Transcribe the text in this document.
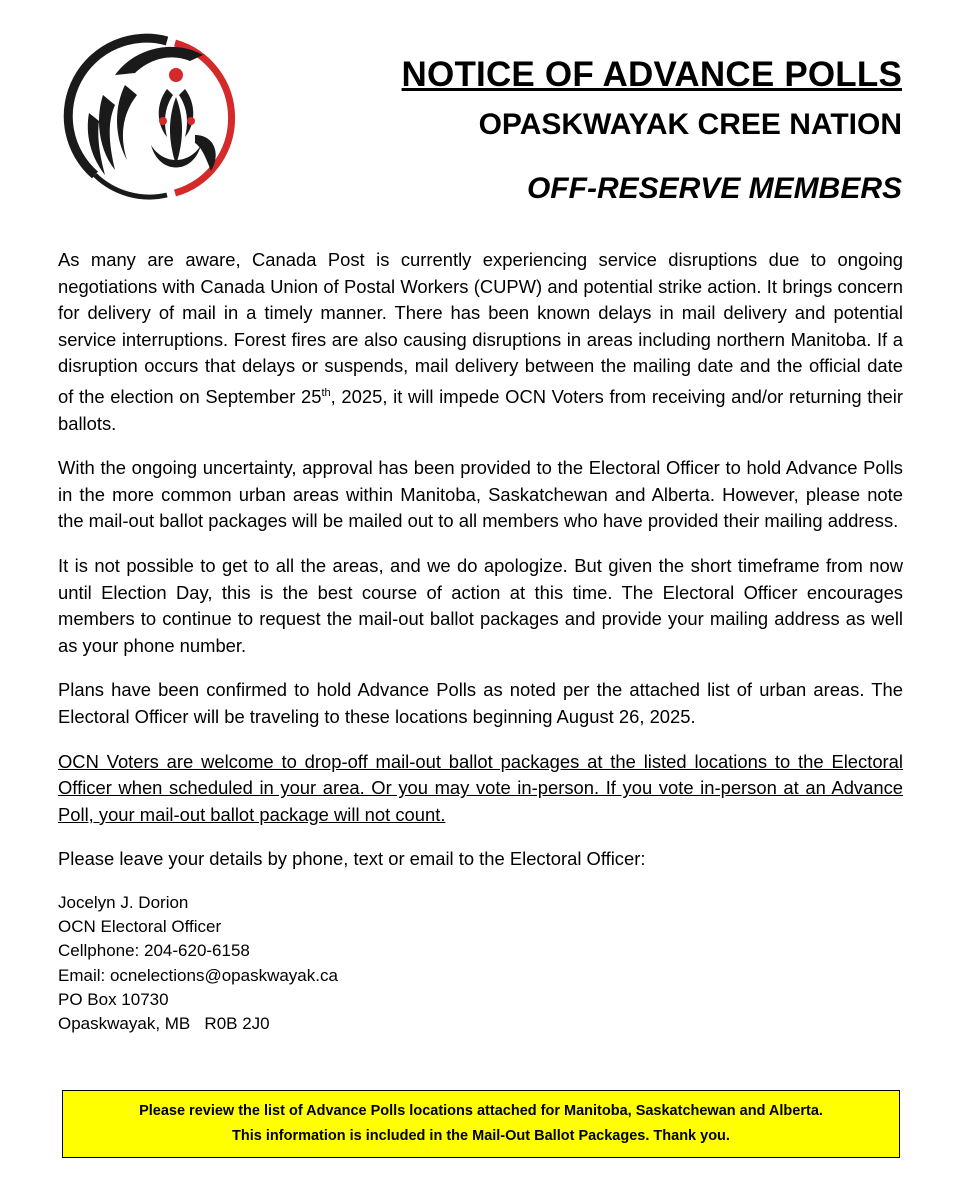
NOTICE OF ADVANCE POLLS
OPASKWAYAK CREE NATION
OFF-RESERVE MEMBERS

As many are aware, Canada Post is currently experiencing service disruptions due to ongoing negotiations with Canada Union of Postal Workers (CUPW) and potential strike action. It brings concern for delivery of mail in a timely manner. There has been known delays in mail delivery and potential service interruptions. Forest fires are also causing disruptions in areas including northern Manitoba. If a disruption occurs that delays or suspends, mail delivery between the mailing date and the official date of the election on September 25th, 2025, it will impede OCN Voters from receiving and/or returning their ballots.

With the ongoing uncertainty, approval has been provided to the Electoral Officer to hold Advance Polls in the more common urban areas within Manitoba, Saskatchewan and Alberta. However, please note the mail-out ballot packages will be mailed out to all members who have provided their mailing address.

It is not possible to get to all the areas, and we do apologize. But given the short timeframe from now until Election Day, this is the best course of action at this time. The Electoral Officer encourages members to continue to request the mail-out ballot packages and provide your mailing address as well as your phone number.

Plans have been confirmed to hold Advance Polls as noted per the attached list of urban areas. The Electoral Officer will be traveling to these locations beginning August 26, 2025.

OCN Voters are welcome to drop-off mail-out ballot packages at the listed locations to the Electoral Officer when scheduled in your area. Or you may vote in-person. If you vote in-person at an Advance Poll, your mail-out ballot package will not count.

Please leave your details by phone, text or email to the Electoral Officer:

Jocelyn J. Dorion
OCN Electoral Officer
Cellphone: 204-620-6158
Email: ocnelections@opaskwayak.ca
PO Box 10730
Opaskwayak, MB   R0B 2J0
Please review the list of Advance Polls locations attached for Manitoba, Saskatchewan and Alberta.
This information is included in the Mail-Out Ballot Packages. Thank you.
